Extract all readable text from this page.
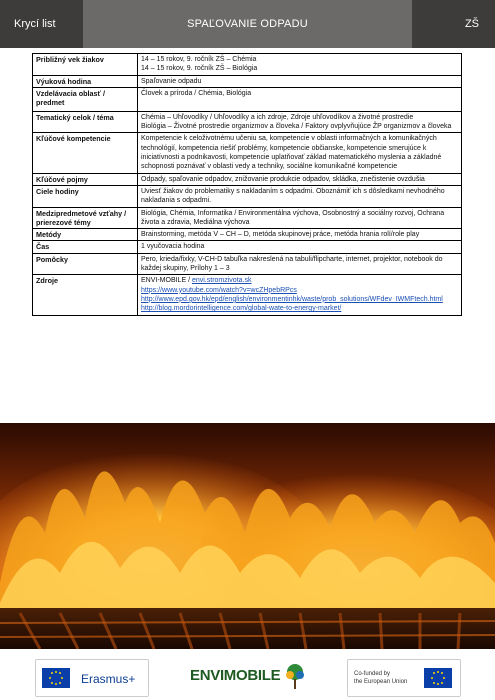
Krycí list	SPAĽOVANIE ODPADU	ZŠ
Približný vek žiakov	14 – 15 rokov, 9. ročník ZŠ – Chémia
14 – 15 rokov, 9. ročník ZŠ – Biológia

Výuková hodina	Spaľovanie odpadu
Vzdelávacia oblasť / predmet	Človek a príroda / Chémia, Biológia
Tematický celok / téma	Chémia – Uhľovodíky / Uhľovodíky a ich zdroje, Zdroje uhľovodíkov a životné prostredie
Biológia – Životné prostredie organizmov a človeka / Faktory ovplyvňujúce ŽP organizmov a človeka

Kľúčové kompetencie	Kompetencie k celoživotnému učeniu sa, kompetencie v oblasti informačných a komunikačných technológií, kompetencia riešiť problémy, kompetencie občianske, kompetencie smerujúce k iniciatívnosti a podnikavosti, kompetencie uplatňovať základ matematického myslenia a základné schopnosti poznávať v oblasti vedy a techniky, sociálne komunikačné kompetencie
Kľúčové pojmy	Odpady, spaľovanie odpadov, znižovanie produkcie odpadov, skládka, znečistenie ovzdušia
Ciele hodiny	Uviesť žiakov do problematiky s nakladaním s odpadmi. Oboznámiť ich s dôsledkami nevhodného nakladania s odpadmi.
Medzipredmetové vzťahy / prierezové témy	Biológia, Chémia, Informatika / Environmentálna výchova, Osobnostný a sociálny rozvoj, Ochrana života a zdravia, Mediálna výchova
Metódy	Brainstorming, metóda V – CH – D, metóda skupinovej práce, metóda hrania rolí/role play
Čas	1 vyučovacia hodina
Pomôcky	Pero, krieda/fixky, V-CH-D tabuľka nakreslená na tabuli/flipcharte, internet, projektor, notebook do každej skupiny, Prílohy 1 – 3
Zdroje	ENVI-MOBILE / envi.stromzivota.sk
https://www.youtube.com/watch?v=wcZHpebRPcs
http://www.epd.gov.hk/epd/english/environmentinhk/waste/prob_solutions/WFdev_IWMFtech.html
http://blog.mordorintelligence.com/global-wate-to-energy-market/
Erasmus+	ENVIMOBILE	Co-funded by
the European Union
